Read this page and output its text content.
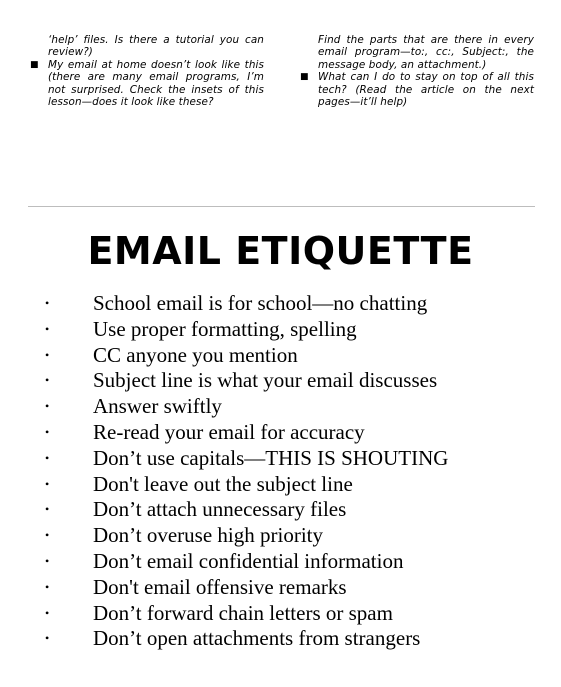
‘help’ files. Is there a tutorial you can review?)

■ My email at home doesn’t look like this (there are many email programs, I’m not surprised. Check the insets of this lesson—does it look like these?

Find the parts that are there in every email program—to:, cc:, Subject:, the message body, an attachment.)

■ What can I do to stay on top of all this tech? (Read the article on the next pages—it’ll help)
EMAIL ETIQUETTE
• School email is for school—no chatting
• Use proper formatting, spelling
• CC anyone you mention
• Subject line is what your email discusses
• Answer swiftly
• Re-read your email for accuracy
• Don’t use capitals—THIS IS SHOUTING
• Don't leave out the subject line
• Don’t attach unnecessary files
• Don’t overuse high priority
• Don’t email confidential information
• Don't email offensive remarks
• Don’t forward chain letters or spam
• Don’t open attachments from strangers
